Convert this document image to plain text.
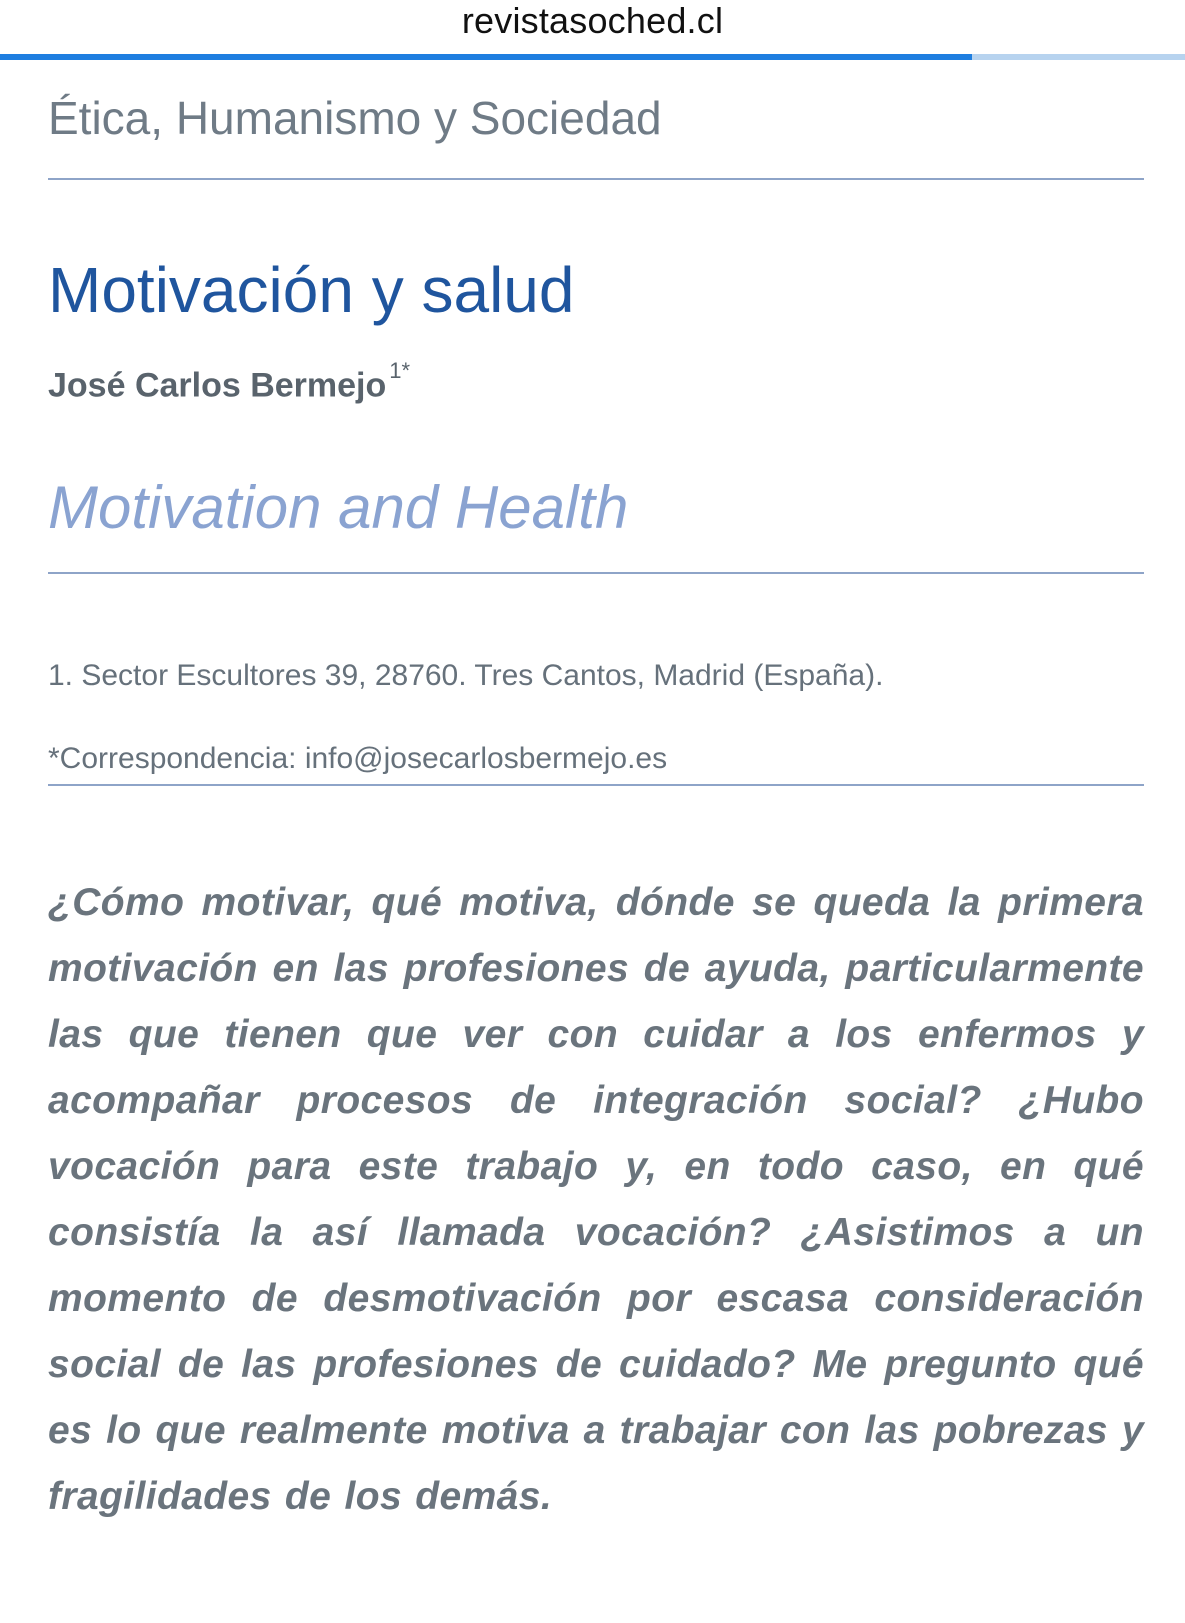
revistasoched.cl
Ética, Humanismo y Sociedad
Motivación y salud
José Carlos Bermejo $^{1*}$
Motivation and Health
1. Sector Escultores 39, 28760. Tres Cantos, Madrid (España).
*Correspondencia: info@josecarlosbermejo.es
¿Cómo motivar, qué motiva, dónde se queda la primera motivación en las profesiones de ayuda, particularmente las que tienen que ver con cuidar a los enfermos y acompañar procesos de integración social? ¿Hubo vocación para este trabajo y, en todo caso, en qué consistía la así llamada vocación? ¿Asistimos a un momento de desmotivación por escasa consideración social de las profesiones de cuidado? Me pregunto qué es lo que realmente motiva a trabajar con las pobrezas y fragilidades de los demás.
